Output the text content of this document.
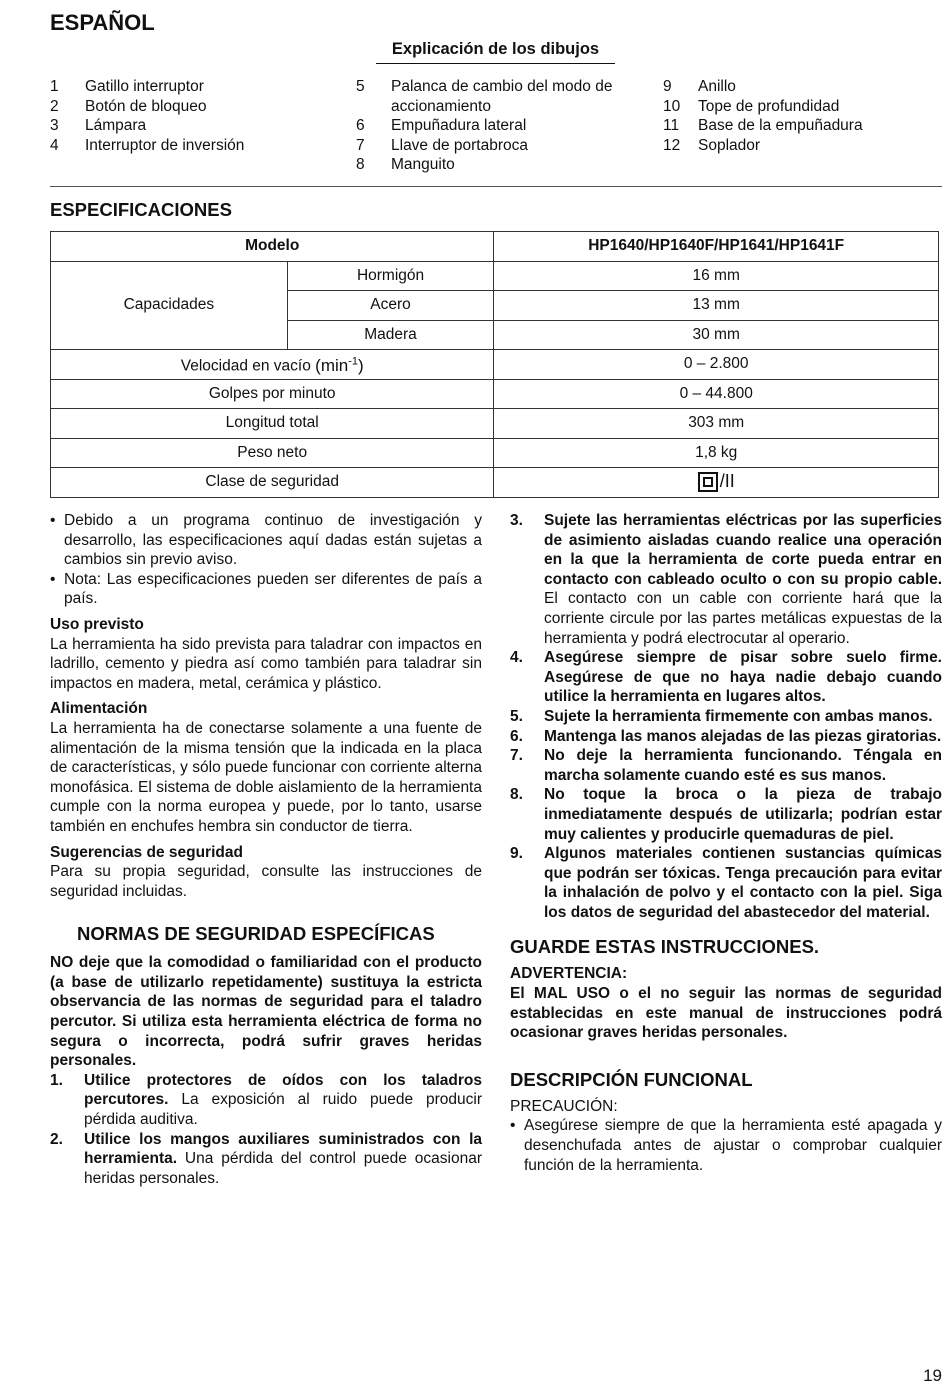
ESPAÑOL
Explicación de los dibujos
1	Gatillo interruptor
2	Botón de bloqueo
3	Lámpara
4	Interruptor de inversión
5	Palanca de cambio del modo de accionamiento
6	Empuñadura lateral
7	Llave de portabroca
8	Manguito
9	Anillo
10	Tope de profundidad
11	Base de la empuñadura
12	Soplador
ESPECIFICACIONES
Modelo		HP1640/HP1640F/HP1641/HP1641F
Capacidades	Hormigón	16 mm
	Acero	13 mm
	Madera	30 mm
Velocidad en vacío $(\min^{-1})$		0 – 2.800
Golpes por minuto		0 – 44.800
Longitud total		303 mm
Peso neto		1,8 kg
Clase de seguridad		/II
• Debido a un programa continuo de investigación y desarrollo, las especificaciones aquí dadas están sujetas a cambios sin previo aviso.
• Nota: Las especificaciones pueden ser diferentes de país a país.
Uso previsto
La herramienta ha sido prevista para taladrar con impactos en ladrillo, cemento y piedra así como también para taladrar sin impactos en madera, metal, cerámica y plástico.
Alimentación
La herramienta ha de conectarse solamente a una fuente de alimentación de la misma tensión que la indicada en la placa de características, y sólo puede funcionar con corriente alterna monofásica. El sistema de doble aislamiento de la herramienta cumple con la norma europea y puede, por lo tanto, usarse también en enchufes hembra sin conductor de tierra.
Sugerencias de seguridad
Para su propia seguridad, consulte las instrucciones de seguridad incluidas.
NORMAS DE SEGURIDAD ESPECÍFICAS
NO deje que la comodidad o familiaridad con el producto (a base de utilizarlo repetidamente) sustituya la estricta observancia de las normas de seguridad para el taladro percutor. Si utiliza esta herramienta eléctrica de forma no segura o incorrecta, podrá sufrir graves heridas personales.
1.	Utilice protectores de oídos con los taladros percutores. La exposición al ruido puede producir pérdida auditiva.
2.	Utilice los mangos auxiliares suministrados con la herramienta. Una pérdida del control puede ocasionar heridas personales.
3.	Sujete las herramientas eléctricas por las superficies de asimiento aisladas cuando realice una operación en la que la herramienta de corte pueda entrar en contacto con cableado oculto o con su propio cable. El contacto con un cable con corriente hará que la corriente circule por las partes metálicas expuestas de la herramienta y podrá electrocutar al operario.
4.	Asegúrese siempre de pisar sobre suelo firme. Asegúrese de que no haya nadie debajo cuando utilice la herramienta en lugares altos.
5.	Sujete la herramienta firmemente con ambas manos.
6.	Mantenga las manos alejadas de las piezas giratorias.
7.	No deje la herramienta funcionando. Téngala en marcha solamente cuando esté es sus manos.
8.	No toque la broca o la pieza de trabajo inmediatamente después de utilizarla; podrían estar muy calientes y producirle quemaduras de piel.
9.	Algunos materiales contienen sustancias químicas que podrán ser tóxicas. Tenga precaución para evitar la inhalación de polvo y el contacto con la piel. Siga los datos de seguridad del abastecedor del material.
GUARDE ESTAS INSTRUCCIONES.
ADVERTENCIA:
El MAL USO o el no seguir las normas de seguridad establecidas en este manual de instrucciones podrá ocasionar graves heridas personales.
DESCRIPCIÓN FUNCIONAL
PRECAUCIÓN:
• Asegúrese siempre de que la herramienta esté apagada y desenchufada antes de ajustar o comprobar cualquier función de la herramienta.
19
